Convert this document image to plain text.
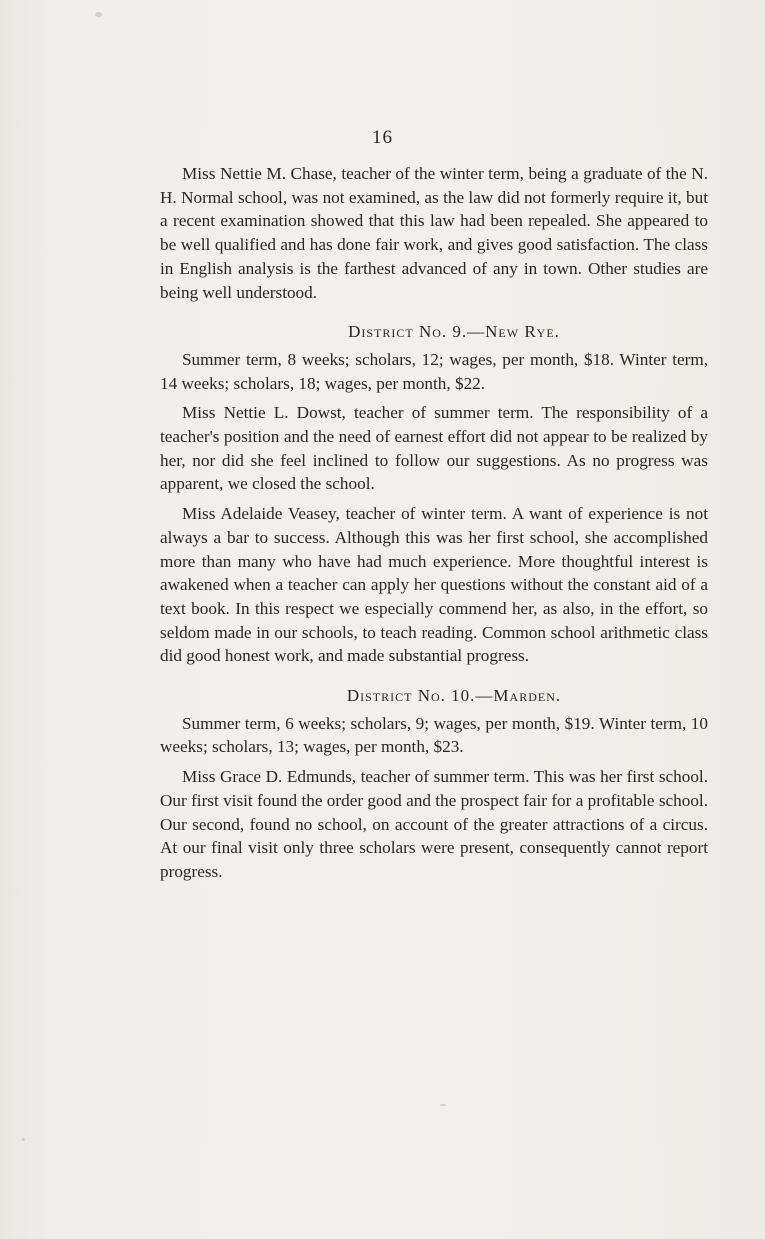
16

Miss Nettie M. Chase, teacher of the winter term, being a graduate of the N. H. Normal school, was not examined, as the law did not formerly require it, but a recent examination showed that this law had been repealed. She appeared to be well qualified and has done fair work, and gives good satisfaction. The class in English analysis is the farthest advanced of any in town. Other studies are being well understood.

District No. 9.—New Rye.

Summer term, 8 weeks; scholars, 12; wages, per month, $18. Winter term, 14 weeks; scholars, 18; wages, per month, $22.

Miss Nettie L. Dowst, teacher of summer term. The responsibility of a teacher's position and the need of earnest effort did not appear to be realized by her, nor did she feel inclined to follow our suggestions. As no progress was apparent, we closed the school.

Miss Adelaide Veasey, teacher of winter term. A want of experience is not always a bar to success. Although this was her first school, she accomplished more than many who have had much experience. More thoughtful interest is awakened when a teacher can apply her questions without the constant aid of a text book. In this respect we especially commend her, as also, in the effort, so seldom made in our schools, to teach reading. Common school arithmetic class did good honest work, and made substantial progress.

District No. 10.—Marden.

Summer term, 6 weeks; scholars, 9; wages, per month, $19. Winter term, 10 weeks; scholars, 13; wages, per month, $23.

Miss Grace D. Edmunds, teacher of summer term. This was her first school. Our first visit found the order good and the prospect fair for a profitable school. Our second, found no school, on account of the greater attractions of a circus. At our final visit only three scholars were present, consequently cannot report progress.
